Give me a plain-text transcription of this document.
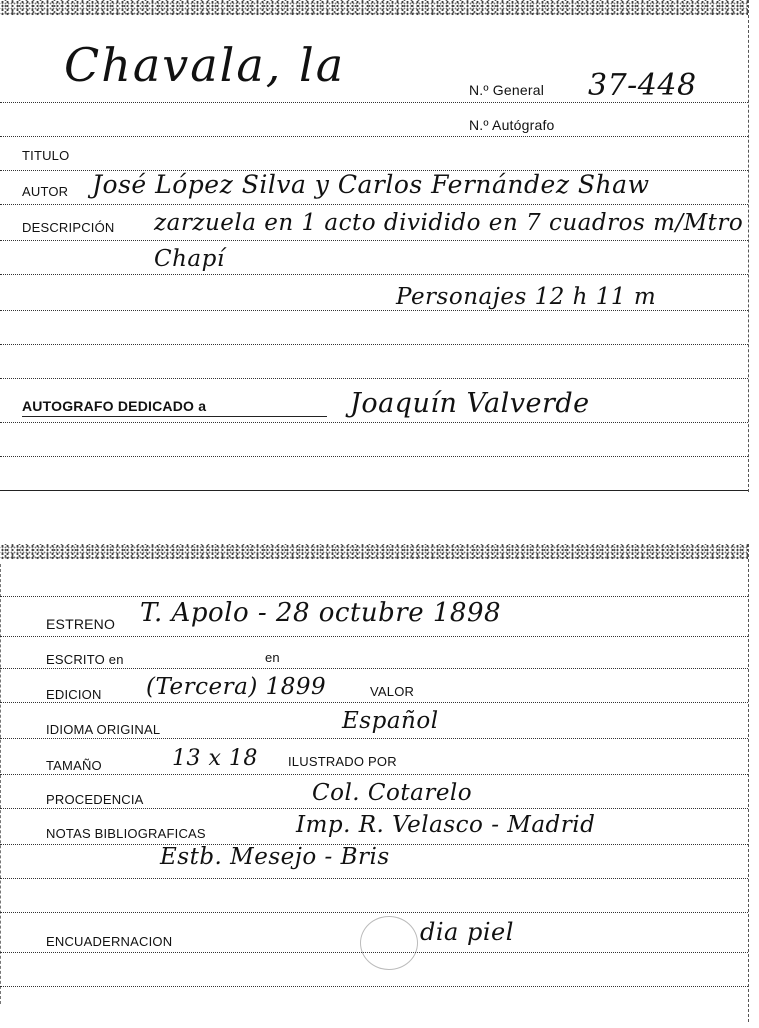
Chavala, la	N.º General 37-448
N.º Autógrafo
TITULO
AUTOR José López Silva y Carlos Fernández Shaw
DESCRIPCIÓN zarzuela en 1 acto dividido en 7 cuadros m/Mtro
Chapí
Personajes 12 h 11 m
AUTOGRAFO DEDICADO a	Joaquín Valverde
ESTRENO T. Apolo - 28 octubre 1898
ESCRITO en	en
EDICION (Tercera) 1899	VALOR
IDIOMA ORIGINAL	Español
TAMAÑO	13 x 18 ILUSTRADO POR
PROCEDENCIA	Col. Cotarelo
NOTAS BIBLIOGRAFICAS	Imp. R. Velasco - Madrid
Estb. Mesejo - Bris
ENCUADERNACION	dia piel
